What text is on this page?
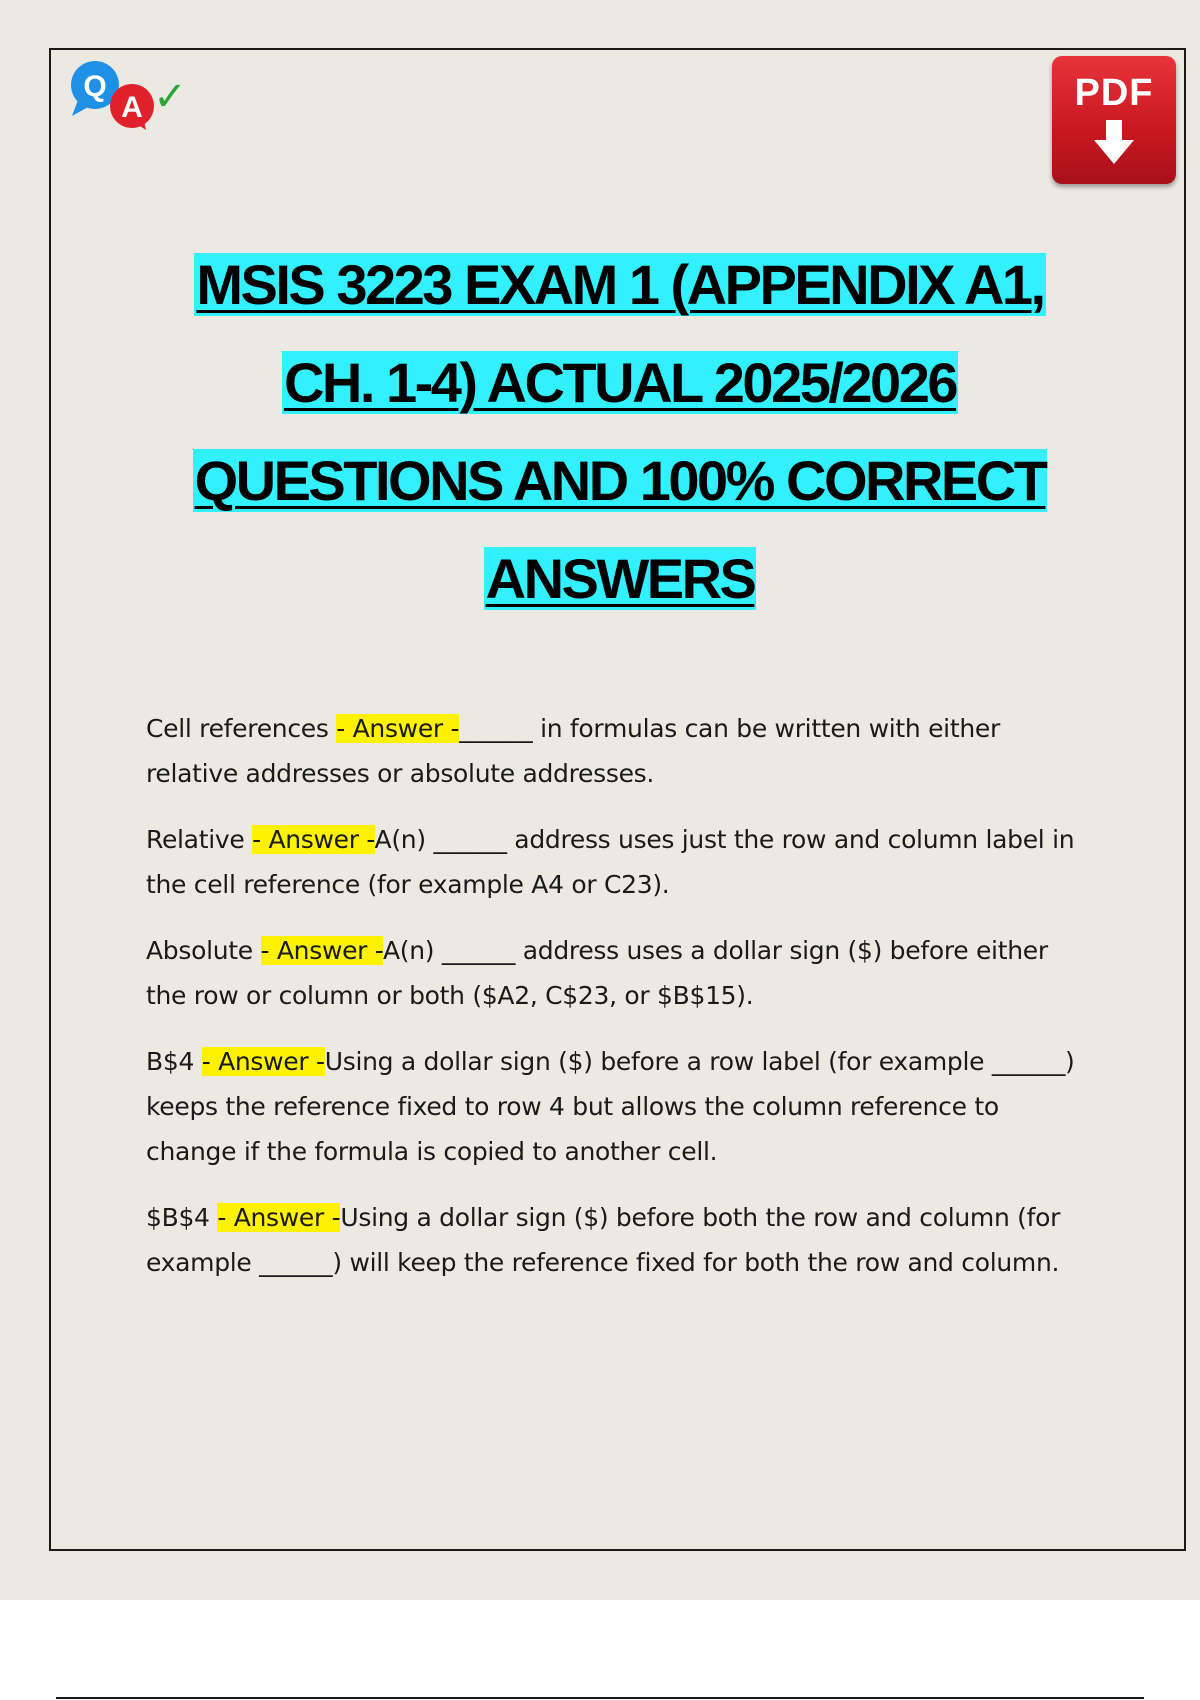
Q
A ✓	PDF
MSIS 3223 EXAM 1 (APPENDIX A1,
CH. 1-4) ACTUAL 2025/2026
QUESTIONS AND 100% CORRECT
ANSWERS

Cell references - Answer -______ in formulas can be written with either relative addresses or absolute addresses.

Relative - Answer -A(n) ______ address uses just the row and column label in the cell reference (for example A4 or C23).

Absolute - Answer -A(n) ______ address uses a dollar sign ($) before either the row or column or both ($A2, C$23, or $B$15).

B$4 - Answer -Using a dollar sign ($) before a row label (for example ______) keeps the reference fixed to row 4 but allows the column reference to change if the formula is copied to another cell.

$B$4 - Answer -Using a dollar sign ($) before both the row and column (for example ______) will keep the reference fixed for both the row and column.
